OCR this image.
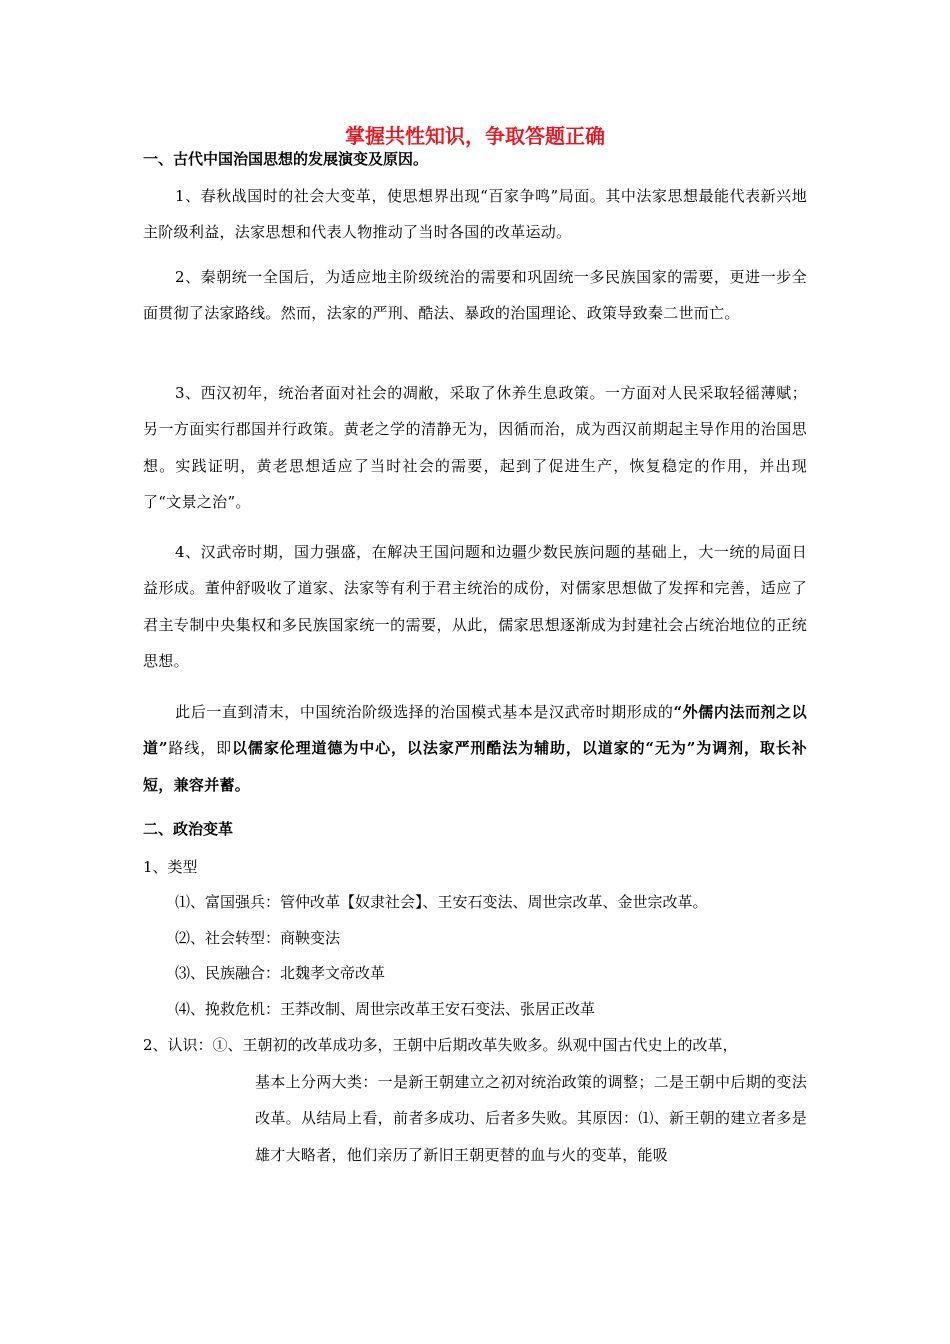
掌握共性知识，争取答题正确
一、古代中国治国思想的发展演变及原因。
1、春秋战国时的社会大变革，使思想界出现“百家争鸣”局面。其中法家思想最能代表新兴地主阶级利益，法家思想和代表人物推动了当时各国的改革运动。
2、秦朝统一全国后，为适应地主阶级统治的需要和巩固统一多民族国家的需要，更进一步全面贯彻了法家路线。然而，法家的严刑、酷法、暴政的治国理论、政策导致秦二世而亡。
3、西汉初年，统治者面对社会的凋敝，采取了休养生息政策。一方面对人民采取轻徭薄赋；另一方面实行郡国并行政策。黄老之学的清静无为，因循而治，成为西汉前期起主导作用的治国思想。实践证明，黄老思想适应了当时社会的需要，起到了促进生产，恢复稳定的作用，并出现了“文景之治”。
4、汉武帝时期，国力强盛，在解决王国问题和边疆少数民族问题的基础上，大一统的局面日益形成。董仲舒吸收了道家、法家等有利于君主统治的成份，对儒家思想做了发挥和完善，适应了君主专制中央集权和多民族国家统一的需要，从此，儒家思想逐渐成为封建社会占统治地位的正统思想。
此后一直到清末，中国统治阶级选择的治国模式基本是汉武帝时期形成的“外儒内法而剂之以道”路线，即以儒家伦理道德为中心，以法家严刑酷法为辅助，以道家的“无为”为调剂，取长补短，兼容并蓄。
二、政治变革
1、类型
⑴、富国强兵：管仲改革【奴隶社会】、王安石变法、周世宗改革、金世宗改革。
⑵、社会转型：商鞅变法
⑶、民族融合：北魏孝文帝改革
⑷、挽救危机：王莽改制、周世宗改革王安石变法、张居正改革
2、认识：①、王朝初的改革成功多，王朝中后期改革失败多。纵观中国古代史上的改革，
基本上分两大类：一是新王朝建立之初对统治政策的调整；二是王朝中后期的变法改革。从结局上看，前者多成功、后者多失败。其原因：⑴、新王朝的建立者多是雄才大略者，他们亲历了新旧王朝更替的血与火的变革，能吸
